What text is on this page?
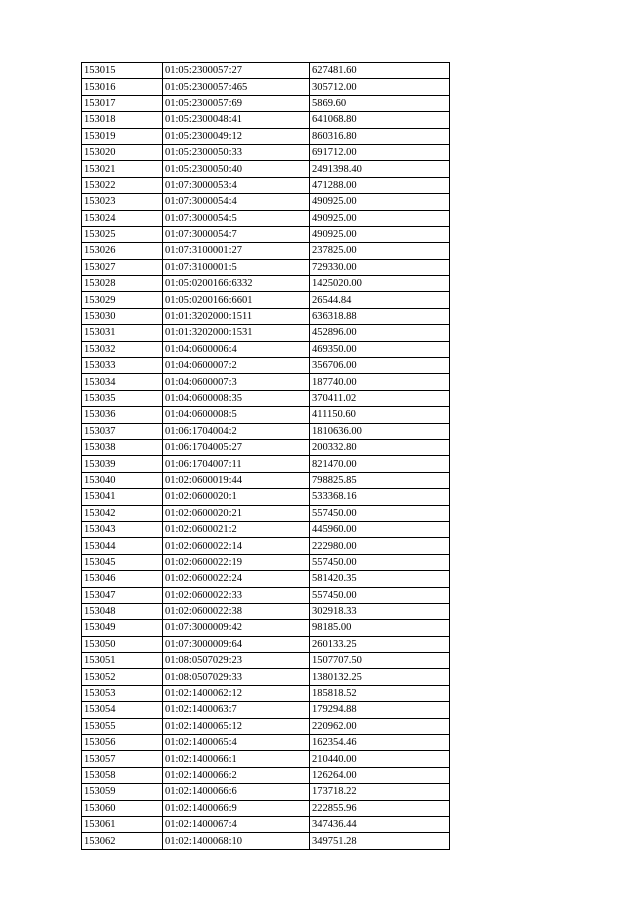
153015	01:05:2300057:27	627481.60
153016	01:05:2300057:465	305712.00
153017	01:05:2300057:69	5869.60
153018	01:05:2300048:41	641068.80
153019	01:05:2300049:12	860316.80
153020	01:05:2300050:33	691712.00
153021	01:05:2300050:40	2491398.40
153022	01:07:3000053:4	471288.00
153023	01:07:3000054:4	490925.00
153024	01:07:3000054:5	490925.00
153025	01:07:3000054:7	490925.00
153026	01:07:3100001:27	237825.00
153027	01:07:3100001:5	729330.00
153028	01:05:0200166:6332	1425020.00
153029	01:05:0200166:6601	26544.84
153030	01:01:3202000:1511	636318.88
153031	01:01:3202000:1531	452896.00
153032	01:04:0600006:4	469350.00
153033	01:04:0600007:2	356706.00
153034	01:04:0600007:3	187740.00
153035	01:04:0600008:35	370411.02
153036	01:04:0600008:5	411150.60
153037	01:06:1704004:2	1810636.00
153038	01:06:1704005:27	200332.80
153039	01:06:1704007:11	821470.00
153040	01:02:0600019:44	798825.85
153041	01:02:0600020:1	533368.16
153042	01:02:0600020:21	557450.00
153043	01:02:0600021:2	445960.00
153044	01:02:0600022:14	222980.00
153045	01:02:0600022:19	557450.00
153046	01:02:0600022:24	581420.35
153047	01:02:0600022:33	557450.00
153048	01:02:0600022:38	302918.33
153049	01:07:3000009:42	98185.00
153050	01:07:3000009:64	260133.25
153051	01:08:0507029:23	1507707.50
153052	01:08:0507029:33	1380132.25
153053	01:02:1400062:12	185818.52
153054	01:02:1400063:7	179294.88
153055	01:02:1400065:12	220962.00
153056	01:02:1400065:4	162354.46
153057	01:02:1400066:1	210440.00
153058	01:02:1400066:2	126264.00
153059	01:02:1400066:6	173718.22
153060	01:02:1400066:9	222855.96
153061	01:02:1400067:4	347436.44
153062	01:02:1400068:10	349751.28
